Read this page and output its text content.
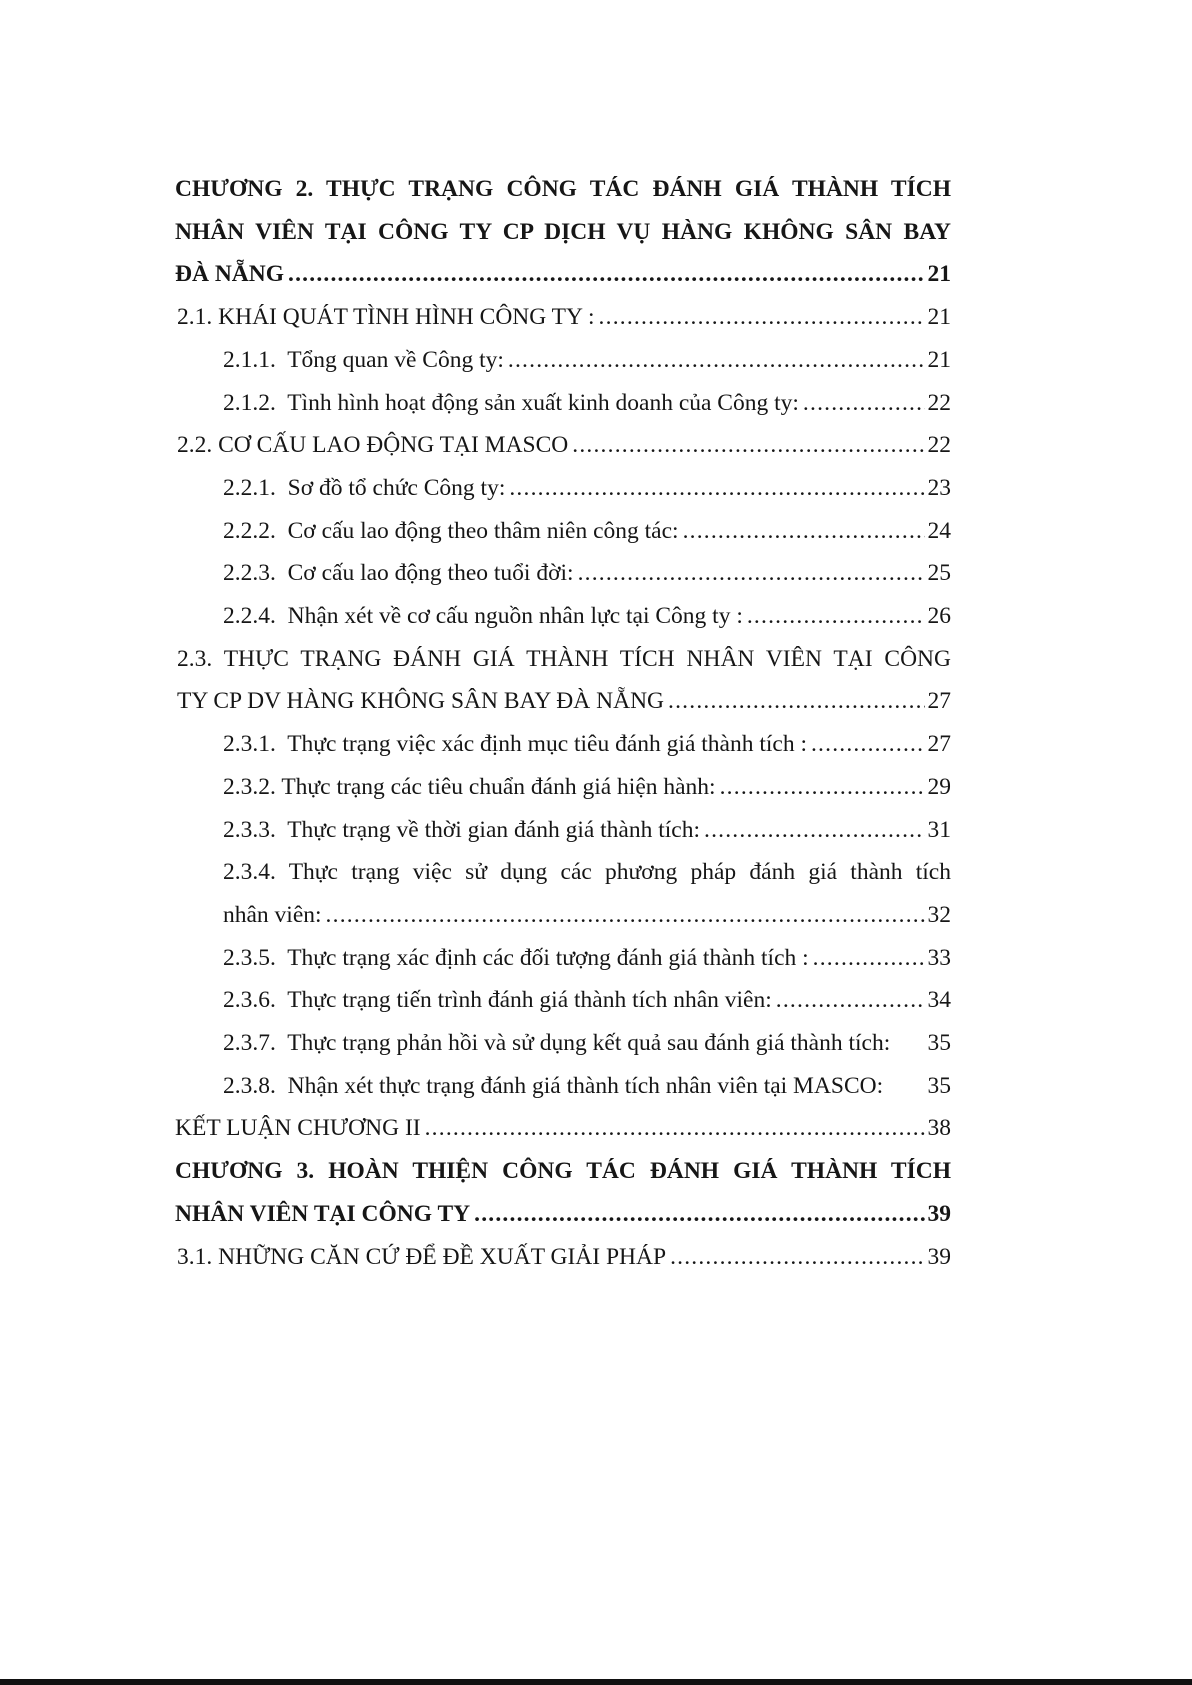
CHƯƠNG 2. THỰC TRẠNG CÔNG TÁC ĐÁNH GIÁ THÀNH TÍCH
NHÂN VIÊN TẠI CÔNG TY CP DỊCH VỤ HÀNG KHÔNG SÂN BAY
ĐÀ NẴNG .....	21
2.1. KHÁI QUÁT TÌNH HÌNH CÔNG TY : .....	21
2.1.1.  Tổng quan về Công ty: .....	21
2.1.2.  Tình hình hoạt động sản xuất kinh doanh của Công ty: .....	22
2.2. CƠ CẤU LAO ĐỘNG TẠI MASCO .....	22
2.2.1.  Sơ đồ tổ chức Công ty: .....	23
2.2.2.  Cơ cấu lao động theo thâm niên công tác: .....	24
2.2.3.  Cơ cấu lao động theo tuổi đời: .....	25
2.2.4.  Nhận xét về cơ cấu nguồn nhân lực tại Công ty : .....	26
2.3. THỰC TRẠNG ĐÁNH GIÁ THÀNH TÍCH NHÂN VIÊN TẠI CÔNG
TY CP DV HÀNG KHÔNG SÂN BAY ĐÀ NẴNG .....	27
2.3.1.  Thực trạng việc xác định mục tiêu đánh giá thành tích : .....	27
2.3.2. Thực trạng các tiêu chuẩn đánh giá hiện hành: .....	29
2.3.3.  Thực trạng về thời gian đánh giá thành tích: .....	31
2.3.4. Thực trạng việc sử dụng các phương pháp đánh giá thành tích
nhân viên: .....	32
2.3.5.  Thực trạng xác định các đối tượng đánh giá thành tích : .....	33
2.3.6.  Thực trạng tiến trình đánh giá thành tích nhân viên: .....	34
2.3.7.  Thực trạng phản hồi và sử dụng kết quả sau đánh giá thành tích: 35
2.3.8.  Nhận xét thực trạng đánh giá thành tích nhân viên tại MASCO: 35
KẾT LUẬN CHƯƠNG II .....	38
CHƯƠNG 3. HOÀN THIỆN CÔNG TÁC ĐÁNH GIÁ THÀNH TÍCH
NHÂN VIÊN TẠI CÔNG TY .....	39
3.1. NHỮNG CĂN CỨ ĐỂ ĐỀ XUẤT GIẢI PHÁP .....	39
